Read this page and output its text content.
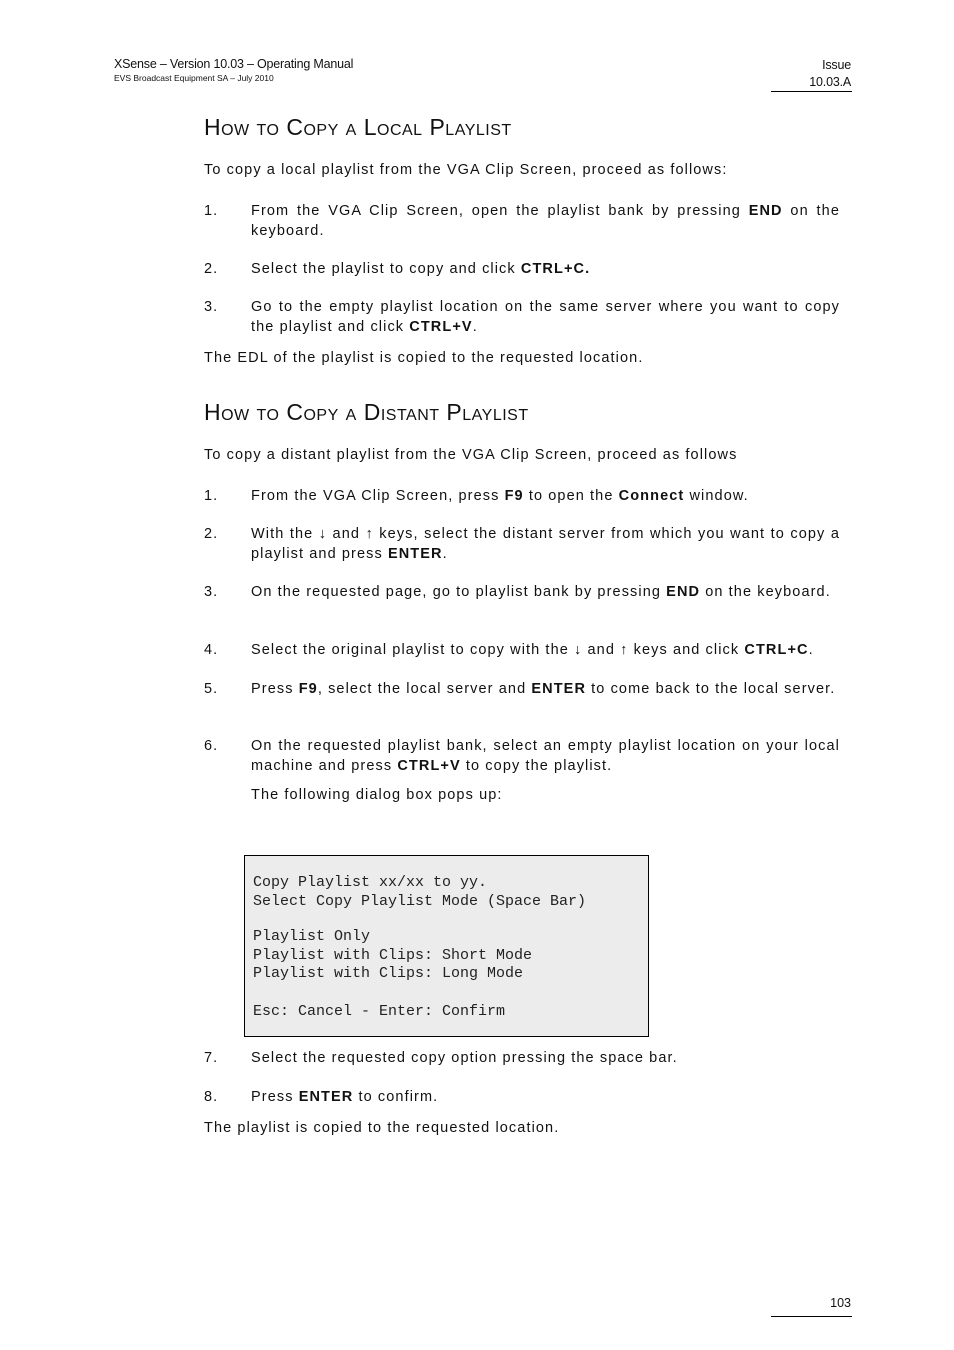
XSense – Version 10.03 – Operating Manual
EVS Broadcast Equipment SA – July 2010
Issue
10.03.A
How to Copy a Local Playlist
To copy a local playlist from the VGA Clip Screen, proceed as follows:
1. From the VGA Clip Screen, open the playlist bank by pressing END on the keyboard.
2. Select the playlist to copy and click CTRL+C.
3. Go to the empty playlist location on the same server where you want to copy the playlist and click CTRL+V.
The EDL of the playlist is copied to the requested location.
How to Copy a Distant Playlist
To copy a distant playlist from the VGA Clip Screen, proceed as follows
1. From the VGA Clip Screen, press F9 to open the Connect window.
2. With the ↓ and ↑ keys, select the distant server from which you want to copy a playlist and press ENTER.
3. On the requested page, go to playlist bank by pressing END on the keyboard.
4. Select the original playlist to copy with the ↓ and ↑ keys and click CTRL+C.
5. Press F9, select the local server and ENTER to come back to the local server.
6. On the requested playlist bank, select an empty playlist location on your local machine and press CTRL+V to copy the playlist.
The following dialog box pops up:
7. Select the requested copy option pressing the space bar.
8. Press ENTER to confirm.
The playlist is copied to the requested location.
Copy Playlist xx/xx to yy.
Select Copy Playlist Mode (Space Bar)
Playlist Only
Playlist with Clips: Short Mode
Playlist with Clips: Long Mode
Esc: Cancel - Enter: Confirm
103
